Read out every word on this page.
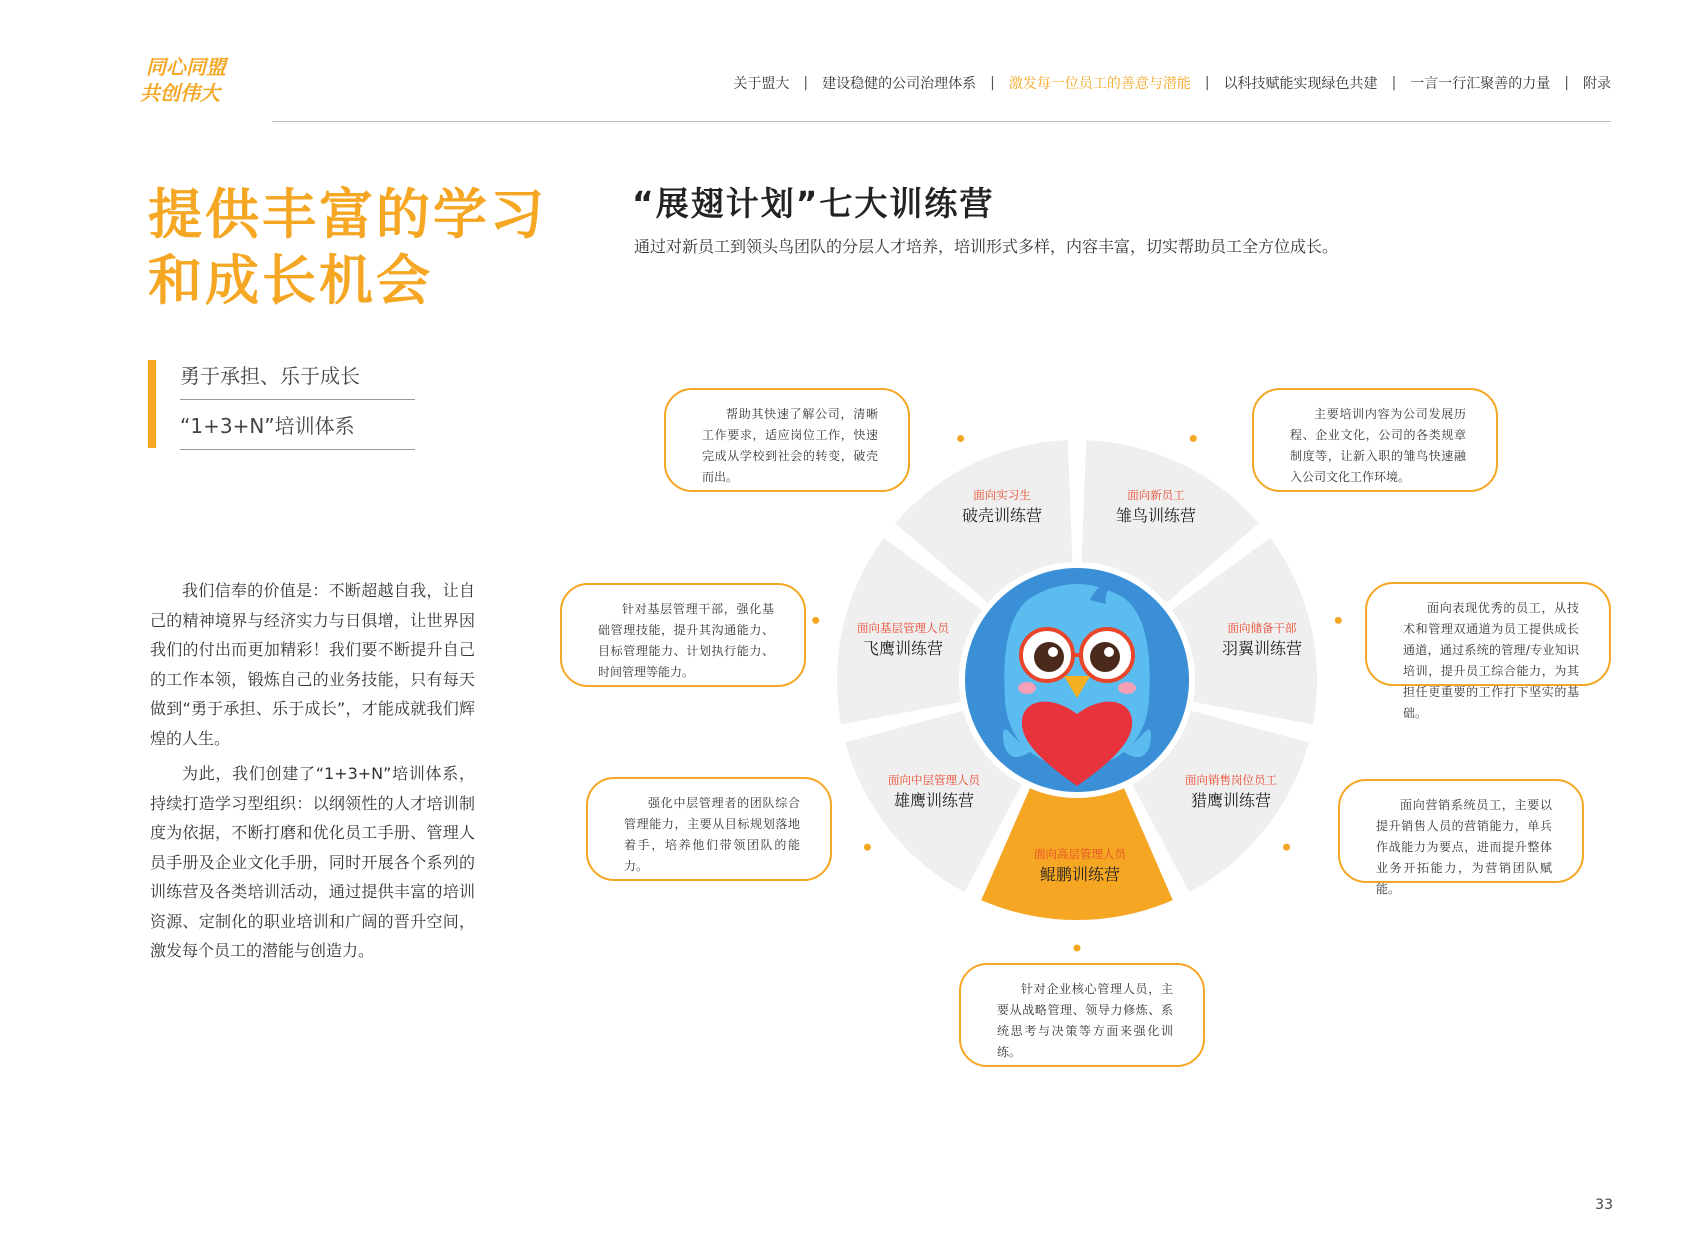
同心同盟
共创伟大	关于盟大 | 建设稳健的公司治理体系 | 激发每一位员工的善意与潜能 | 以科技赋能实现绿色共建 | 一言一行汇聚善的力量 | 附录
提供丰富的学习
和成长机会
勇于承担、乐于成长
“1+3+N”培训体系

我们信奉的价值是：不断超越自我，让自己的精神境界与经济实力与日俱增，让世界因我们的付出而更加精彩！我们要不断提升自己的工作本领，锻炼自己的业务技能，只有每天做到“勇于承担、乐于成长”，才能成就我们辉煌的人生。

为此，我们创建了“1+3+N”培训体系，持续打造学习型组织：以纲领性的人才培训制度为依据，不断打磨和优化员工手册、管理人员手册及企业文化手册，同时开展各个系列的训练营及各类培训活动，通过提供丰富的培训资源、定制化的职业培训和广阔的晋升空间，激发每个员工的潜能与创造力。

“展翅计划”七大训练营
通过对新员工到领头鸟团队的分层人才培养，培训形式多样，内容丰富，切实帮助员工全方位成长。
面向实习生
破壳训练营
面向新员工
雏鸟训练营
面向储备干部
羽翼训练营
面向销售岗位员工
猎鹰训练营
面向高层管理人员
鲲鹏训练营
面向中层管理人员
雄鹰训练营
面向基层管理人员
飞鹰训练营
帮助其快速了解公司，清晰工作要求，适应岗位工作，快速完成从学校到社会的转变，破壳而出。
主要培训内容为公司发展历程、企业文化，公司的各类规章制度等，让新入职的雏鸟快速融入公司文化工作环境。
面向表现优秀的员工，从技术和管理双通道为员工提供成长通道，通过系统的管理/专业知识培训，提升员工综合能力，为其担任更重要的工作打下坚实的基础。
面向营销系统员工，主要以提升销售人员的营销能力，单兵作战能力为要点，进而提升整体业务开拓能力，为营销团队赋能。
针对企业核心管理人员，主要从战略管理、领导力修炼、系统思考与决策等方面来强化训练。
强化中层管理者的团队综合管理能力，主要从目标规划落地着手，培养他们带领团队的能力。
针对基层管理干部，强化基础管理技能，提升其沟通能力、目标管理能力、计划执行能力、时间管理等能力。
33
